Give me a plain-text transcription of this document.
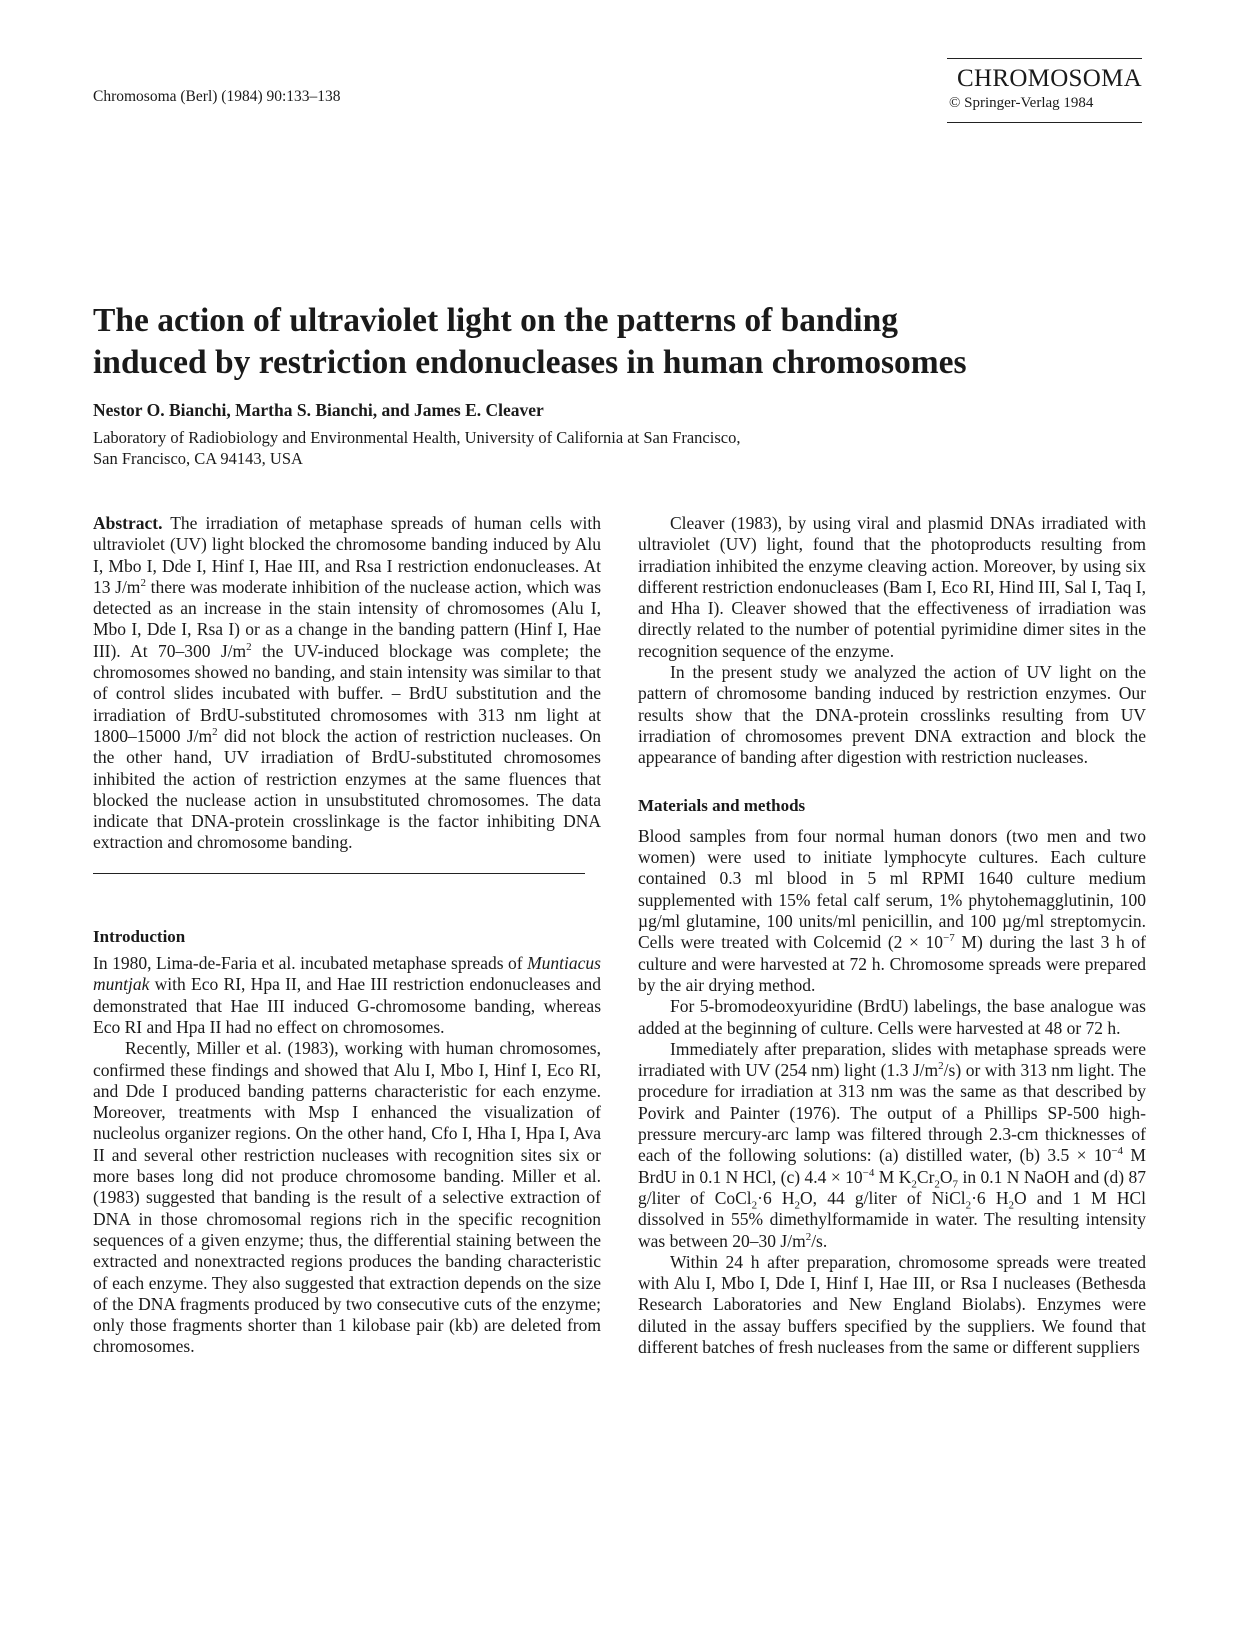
Chromosoma (Berl) (1984) 90:133–138
CHROMOSOMA
© Springer-Verlag 1984
The action of ultraviolet light on the patterns of banding
induced by restriction endonucleases in human chromosomes
Nestor O. Bianchi, Martha S. Bianchi, and James E. Cleaver
Laboratory of Radiobiology and Environmental Health, University of California at San Francisco,
San Francisco, CA 94143, USA

Abstract. The irradiation of metaphase spreads of human cells with ultraviolet (UV) light blocked the chromosome banding induced by Alu I, Mbo I, Dde I, Hinf I, Hae III, and Rsa I restriction endonucleases. At 13 $J/m^2$ there was moderate inhibition of the nuclease action, which was detected as an increase in the stain intensity of chromosomes (Alu I, Mbo I, Dde I, Rsa I) or as a change in the banding pattern (Hinf I, Hae III). At 70–300 $J/m^2$ the UV-induced blockage was complete; the chromosomes showed no banding, and stain intensity was similar to that of control slides incubated with buffer. – BrdU substitution and the irradiation of BrdU-substituted chromosomes with 313 nm light at 1800–15000 $J/m^2$ did not block the action of restriction nucleases. On the other hand, UV irradiation of BrdU-substituted chromosomes inhibited the action of restriction enzymes at the same fluences that blocked the nuclease action in unsubstituted chromosomes. The data indicate that DNA-protein crosslinkage is the factor inhibiting DNA extraction and chromosome banding.

Introduction

In 1980, Lima-de-Faria et al. incubated metaphase spreads of Muntiacus muntjak with Eco RI, Hpa II, and Hae III restriction endonucleases and demonstrated that Hae III induced G-chromosome banding, whereas Eco RI and Hpa II had no effect on chromosomes.

Recently, Miller et al. (1983), working with human chromosomes, confirmed these findings and showed that Alu I, Mbo I, Hinf I, Eco RI, and Dde I produced banding patterns characteristic for each enzyme. Moreover, treatments with Msp I enhanced the visualization of nucleolus organizer regions. On the other hand, Cfo I, Hha I, Hpa I, Ava II and several other restriction nucleases with recognition sites six or more bases long did not produce chromosome banding. Miller et al. (1983) suggested that banding is the result of a selective extraction of DNA in those chromosomal regions rich in the specific recognition sequences of a given enzyme; thus, the differential staining between the extracted and nonextracted regions produces the banding characteristic of each enzyme. They also suggested that extraction depends on the size of the DNA fragments produced by two consecutive cuts of the enzyme; only those fragments shorter than 1 kilobase pair (kb) are deleted from chromosomes.

Cleaver (1983), by using viral and plasmid DNAs irradiated with ultraviolet (UV) light, found that the photoproducts resulting from irradiation inhibited the enzyme cleaving action. Moreover, by using six different restriction endonucleases (Bam I, Eco RI, Hind III, Sal I, Taq I, and Hha I). Cleaver showed that the effectiveness of irradiation was directly related to the number of potential pyrimidine dimer sites in the recognition sequence of the enzyme.

In the present study we analyzed the action of UV light on the pattern of chromosome banding induced by restriction enzymes. Our results show that the DNA-protein crosslinks resulting from UV irradiation of chromosomes prevent DNA extraction and block the appearance of banding after digestion with restriction nucleases.

Materials and methods

Blood samples from four normal human donors (two men and two women) were used to initiate lymphocyte cultures. Each culture contained 0.3 ml blood in 5 ml RPMI 1640 culture medium supplemented with 15% fetal calf serum, 1% phytohemagglutinin, 100 µg/ml glutamine, 100 units/ml penicillin, and 100 µg/ml streptomycin. Cells were treated with Colcemid ($2 \times 10^{-7}$ M) during the last 3 h of culture and were harvested at 72 h. Chromosome spreads were prepared by the air drying method.

For 5-bromodeoxyuridine (BrdU) labelings, the base analogue was added at the beginning of culture. Cells were harvested at 48 or 72 h.

Immediately after preparation, slides with metaphase spreads were irradiated with UV (254 nm) light (1.3 $J/m^2/s$) or with 313 nm light. The procedure for irradiation at 313 nm was the same as that described by Povirk and Painter (1976). The output of a Phillips SP-500 high-pressure mercury-arc lamp was filtered through 2.3-cm thicknesses of each of the following solutions: (a) distilled water, (b) $3.5 \times 10^{-4}$ M BrdU in 0.1 N HCl, (c) $4.4 \times 10^{-4}$ M $K_2Cr_2O_7$ in 0.1 N NaOH and (d) 87 g/liter of CoCl$_2$·6 $H_2O$, 44 g/liter of NiCl$_2$·6 $H_2O$ and 1 M HCl dissolved in 55% dimethylformamide in water. The resulting intensity was between 20–30 $J/m^2/s$.

Within 24 h after preparation, chromosome spreads were treated with Alu I, Mbo I, Dde I, Hinf I, Hae III, or Rsa I nucleases (Bethesda Research Laboratories and New England Biolabs). Enzymes were diluted in the assay buffers specified by the suppliers. We found that different batches of fresh nucleases from the same or different suppliers
